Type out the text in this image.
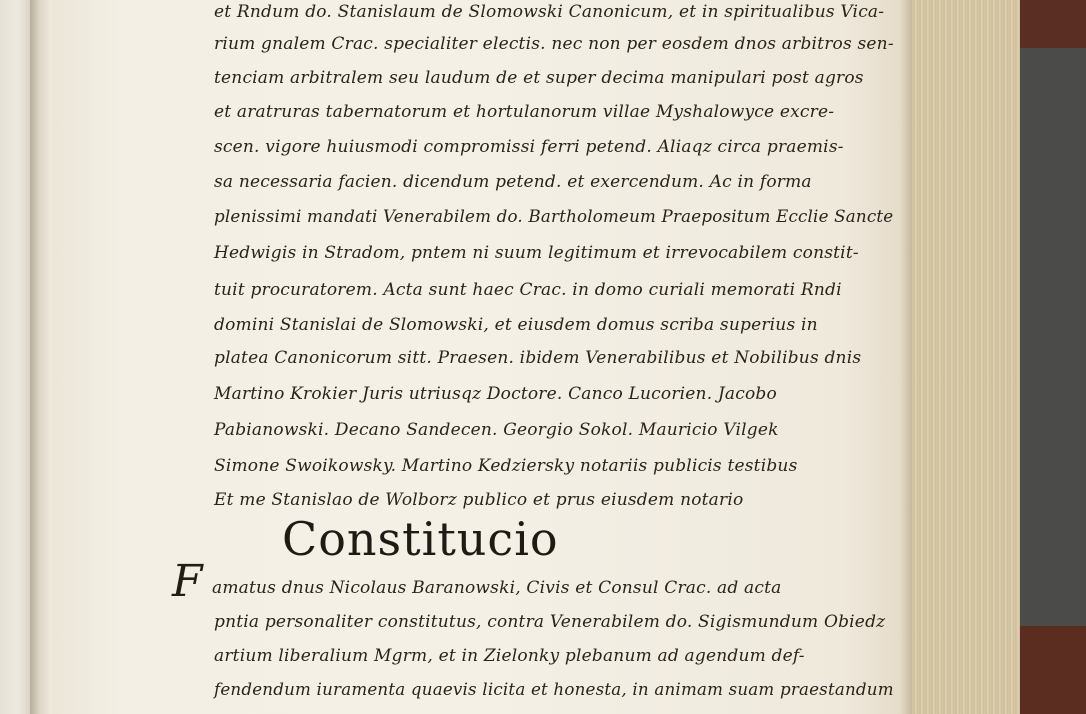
et Rndum do. Stanislaum de Slomowski Canonicum, et in spiritualibus Vica-
rium gnalem Crac. specialiter electis. nec non per eosdem dnos arbitros sen-
tenciam arbitralem seu laudum de et super decima manipulari post agros
et aratruras tabernatorum et hortulanorum villae Myshalowyce excre-
scen. vigore huiusmodi compromissi ferri petend. Aliaqz circa praemis-
sa necessaria facien. dicendum petend. et exercendum. Ac in forma
plenissimi mandati Venerabilem do. Bartholomeum Praepositum Ecclie Sancte
Hedwigis in Stradom, pntem ni suum legitimum et irrevocabilem constit-
tuit procuratorem. Acta sunt haec Crac. in domo curiali memorati Rndi
domini Stanislai de Slomowski, et eiusdem domus scriba superius in
platea Canonicorum sitt. Praesen. ibidem Venerabilibus et Nobilibus dnis
Martino Krokier Juris utriusqz Doctore. Canco Lucorien. Jacobo
Pabianowski. Decano Sandecen. Georgio Sokol. Mauricio Vilgek
Simone Swoikowsky. Martino Kedziersky notariis publicis testibus
Et me Stanislao de Wolborz publico et prus eiusdem notario
Constitucio
F amatus dnus Nicolaus Baranowski, Civis et Consul Crac. ad acta
pntia personaliter constitutus, contra Venerabilem do. Sigismundum Obiedz
artium liberalium Mgrm, et in Zielonky plebanum ad agendum def-
fendendum iuramenta quaevis licita et honesta, in animam suam praestandum
